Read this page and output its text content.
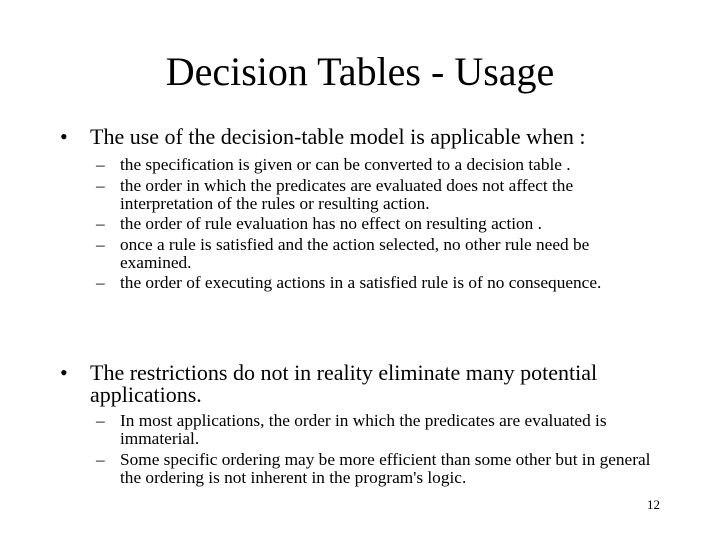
Decision Tables - Usage

•	The use of the decision-table model is applicable when :

– the specification is given or can be converted to a decision table .
– the order in which the predicates are evaluated does not affect the interpretation of the rules or resulting action.
– the order of rule evaluation has no effect on resulting action .
– once a rule is satisfied and the action selected, no other rule need be examined.
– the order of executing actions in a satisfied rule is of no consequence.

•	The restrictions do not in reality eliminate many potential applications.

– In most applications, the order in which the predicates are evaluated is immaterial.
– Some specific ordering may be more efficient than some other but in general the ordering is not inherent in the program's logic.
12
